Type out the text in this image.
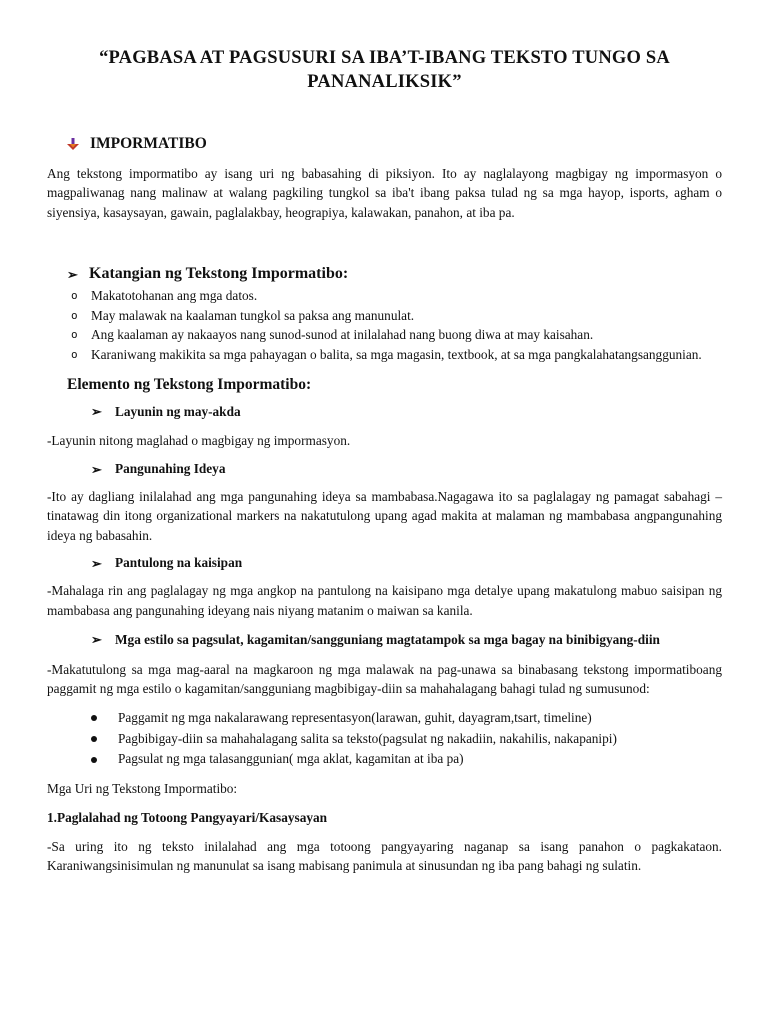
“PAGBASA AT PAGSUSURI SA IBA’T-IBANG TEKSTO TUNGO SA PANANALIKSIK”
IMPORMATIBO

Ang tekstong impormatibo ay isang uri ng babasahing di piksiyon. Ito ay naglalayong magbigay ng impormasyon o magpaliwanag nang malinaw at walang pagkiling tungkol sa iba't ibang paksa tulad ng sa mga hayop, isports, agham o siyensiya, kasaysayan, gawain, paglalakbay, heograpiya, kalawakan, panahon, at iba pa.

➢ Katangian ng Tekstong Impormatibo:
o	Makatotohanan ang mga datos.
o	May malawak na kaalaman tungkol sa paksa ang manunulat.
o	Ang kaalaman ay nakaayos nang sunod-sunod at inilalahad nang buong diwa at may kaisahan.
o	Karaniwang makikita sa mga pahayagan o balita, sa mga magasin, textbook, at sa mga pangkalahatangsanggunian.
Elemento ng Tekstong Impormatibo:
➢ Layunin ng may-akda

-Layunin nitong maglahad o magbigay ng impormasyon.

➢ Pangunahing Ideya

-Ito ay dagliang inilalahad ang mga pangunahing ideya sa mambabasa.Nagagawa ito sa paglalagay ng pamagat sabahagi –tinatawag din itong organizational markers na nakatutulong upang agad makita at malaman ng mambabasa angpangunahing ideya ng babasahin.

➢ Pantulong na kaisipan

-Mahalaga rin ang paglalagay ng mga angkop na pantulong na kaisipano mga detalye upang makatulong mabuo saisipan ng mambabasa ang pangunahing ideyang nais niyang matanim o maiwan sa kanila.

➢ Mga estilo sa pagsulat, kagamitan/sangguniang magtatampok sa mga bagay na binibigyang-diin

-Makatutulong sa mga mag-aaral na magkaroon ng mga malawak na pag-unawa sa binabasang tekstong impormatiboang paggamit ng mga estilo o kagamitan/sangguniang magbibigay-diin sa mahahalagang bahagi tulad ng sumusunod:

Paggamit ng mga nakalarawang representasyon(larawan, guhit, dayagram,tsart, timeline)
Pagbibigay-diin sa mahahalagang salita sa teksto(pagsulat ng nakadiin, nakahilis, nakapanipi)
Pagsulat ng mga talasanggunian( mga aklat, kagamitan at iba pa)

Mga Uri ng Tekstong Impormatibo:

1.Paglalahad ng Totoong Pangyayari/Kasaysayan

-Sa uring ito ng teksto inilalahad ang mga totoong pangyayaring naganap sa isang panahon o pagkakataon. Karaniwangsinisimulan ng manunulat sa isang mabisang panimula at sinusundan ng iba pang bahagi ng sulatin.
